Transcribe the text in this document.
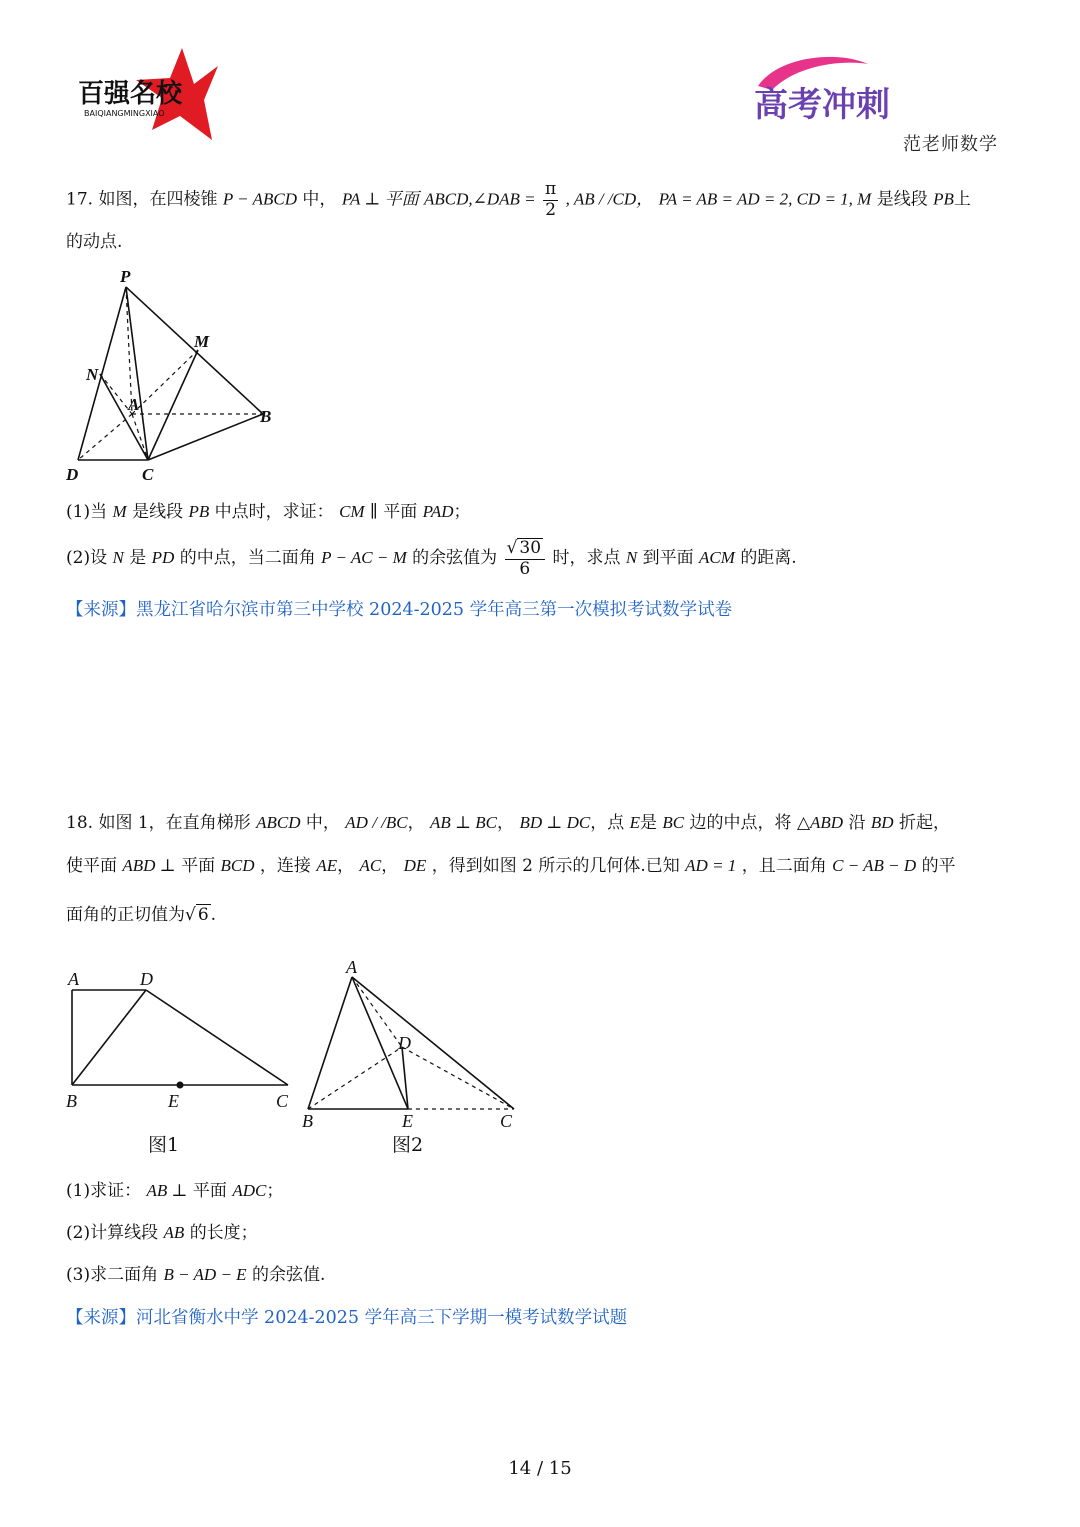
百强名校
BAIQIANGMINGXIAO	高考冲刺
范老师数学
17. 如图，在四棱锥 P − ABCD 中， PA ⊥ 平面 ABCD,∠DAB = $\frac{\pi}{2}$ , AB / /CD， PA = AB = AD = 2, CD = 1, M 是线段 PB上
的动点.
P
M
N
A
B
D	C
(1)当 M 是线段 PB 中点时，求证： CM ∥ 平面 PAD；
(2)设 N 是 PD 的中点，当二面角 P − AC − M 的余弦值为 $\frac{√ 30}{6}$ 时，求点 N 到平面 ACM 的距离.
【来源】黑龙江省哈尔滨市第三中学校 2024-2025 学年高三第一次模拟考试数学试卷
18. 如图 1，在直角梯形 ABCD 中， AD / /BC， AB ⊥ BC， BD ⊥ DC，点 E是 BC 边的中点，将 △ABD 沿 BD 折起，
使平面 ABD ⊥ 平面 BCD ，连接 AE， AC， DE ，得到如图 2 所示的几何体.已知 AD = 1 ，且二面角 C − AB − D 的平
面角的正切值为√ 6 .
A	D
B	E	C
图1
A
D
B	E	C
图2
(1)求证： AB ⊥ 平面 ADC；
(2)计算线段 AB 的长度；
(3)求二面角 B − AD − E 的余弦值.
【来源】河北省衡水中学 2024-2025 学年高三下学期一模考试数学试题
14 / 15
